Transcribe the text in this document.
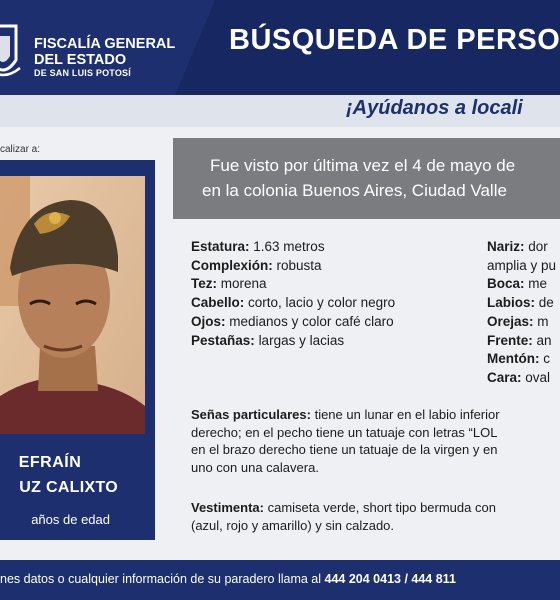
FISCALÍA GENERAL
DEL ESTADO
DE SAN LUIS POTOSÍ
BÚSQUEDA DE PERSO
¡Ayúdanos a locali
calizar a:
EFRAÍN
UZ CALIXTO
años de edad
Fue visto por última vez el 4 de mayo de
en la colonia Buenos Aires, Ciudad Valle
Estatura: 1.63 metros
Complexión: robusta
Tez: morena
Cabello: corto, lacio y color negro
Ojos: medianos y color café claro
Pestañas: largas y lacias
Nariz: dor
amplia y pu
Boca: me
Labios: de
Orejas: m
Frente: an
Mentón: c
Cara: oval
Señas particulares: tiene un lunar en el labio inferior
derecho; en el pecho tiene un tatuaje con letras “LOL
en el brazo derecho tiene un tatuaje de la virgen y en
uno con una calavera.
Vestimenta: camiseta verde, short tipo bermuda con
(azul, rojo y amarillo) y sin calzado.
nes datos o cualquier información de su paradero llama al 444 204 0413 / 444 811
